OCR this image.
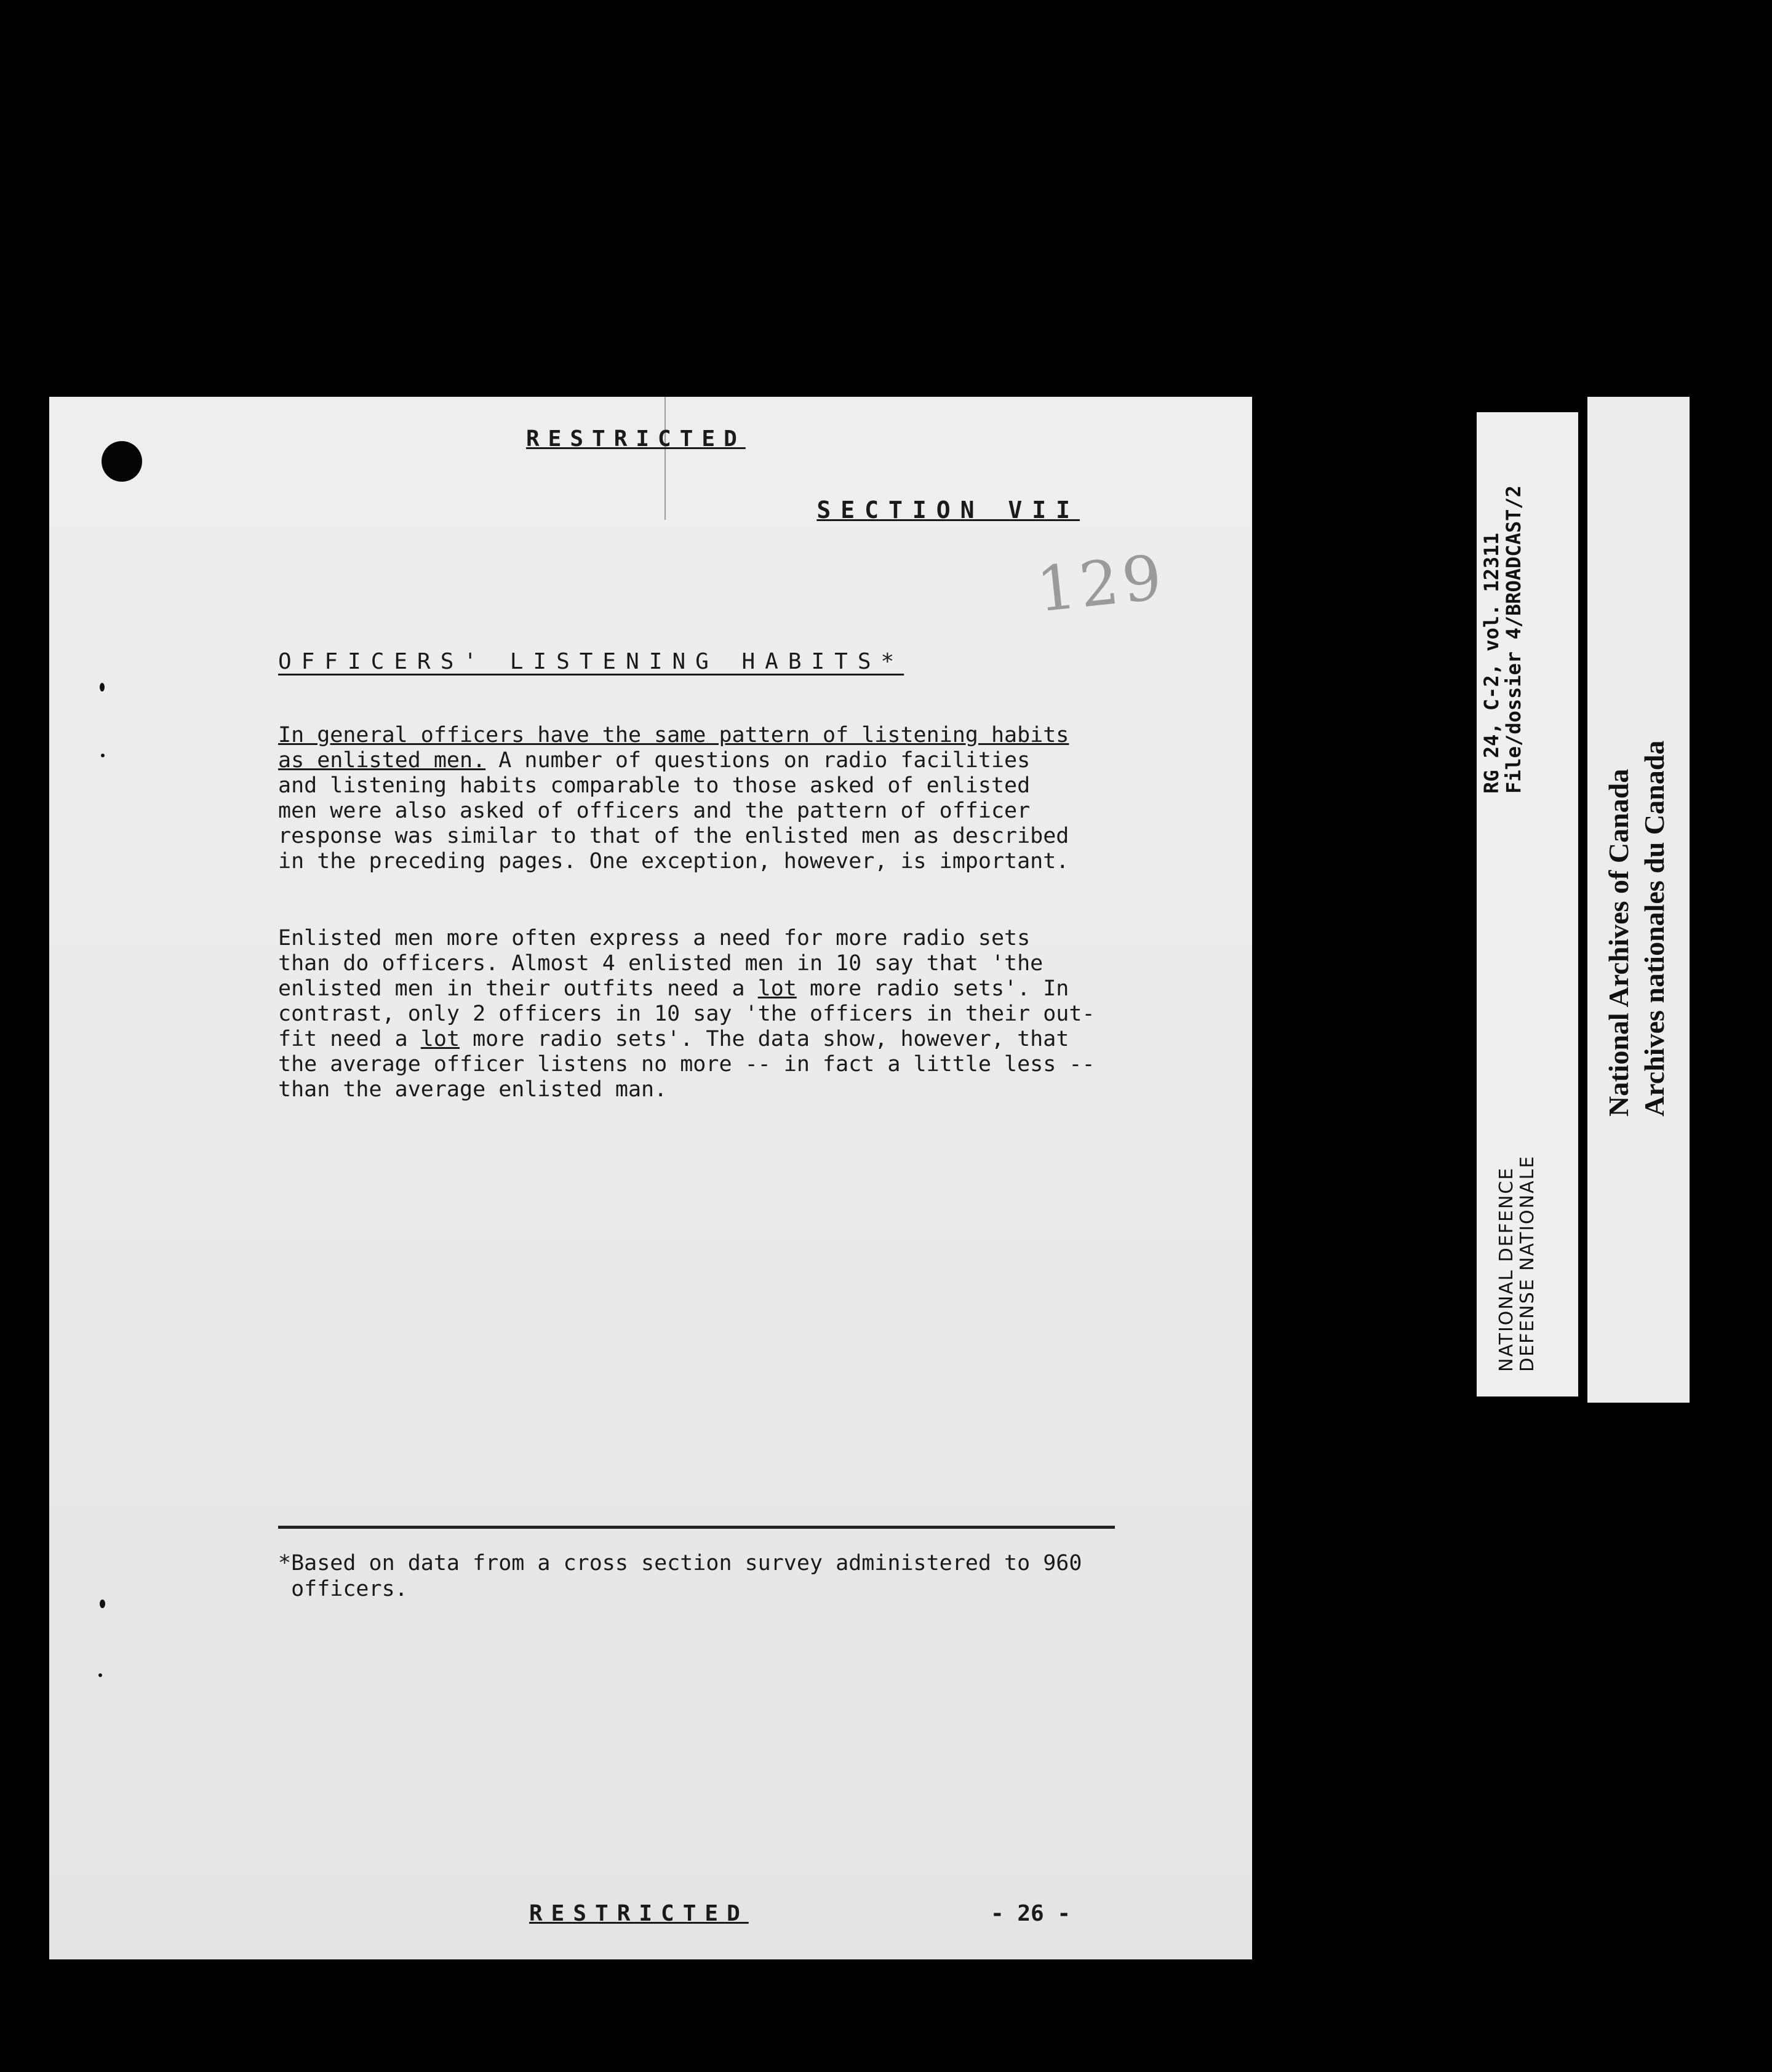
RESTRICTED
SECTION VII
129
OFFICERS' LISTENING HABITS*

In general officers have the same pattern of listening habits
as enlisted men. A number of questions on radio facilities
and listening habits comparable to those asked of enlisted
men were also asked of officers and the pattern of officer
response was similar to that of the enlisted men as described
in the preceding pages. One exception, however, is important.

Enlisted men more often express a need for more radio sets
than do officers. Almost 4 enlisted men in 10 say that 'the
enlisted men in their outfits need a lot more radio sets'. In
contrast, only 2 officers in 10 say 'the officers in their out-
fit need a lot more radio sets'. The data show, however, that
the average officer listens no more -- in fact a little less --
than the average enlisted man.

*Based on data from a cross section survey administered to 960
officers.

RESTRICTED	- 26 -
RG 24, C-2, vol. 12311
File/dossier 4/BROADCAST/2
NATIONAL DEFENCE DEFENSE NATIONALE
National Archives of Canada Archives nationales du Canada
